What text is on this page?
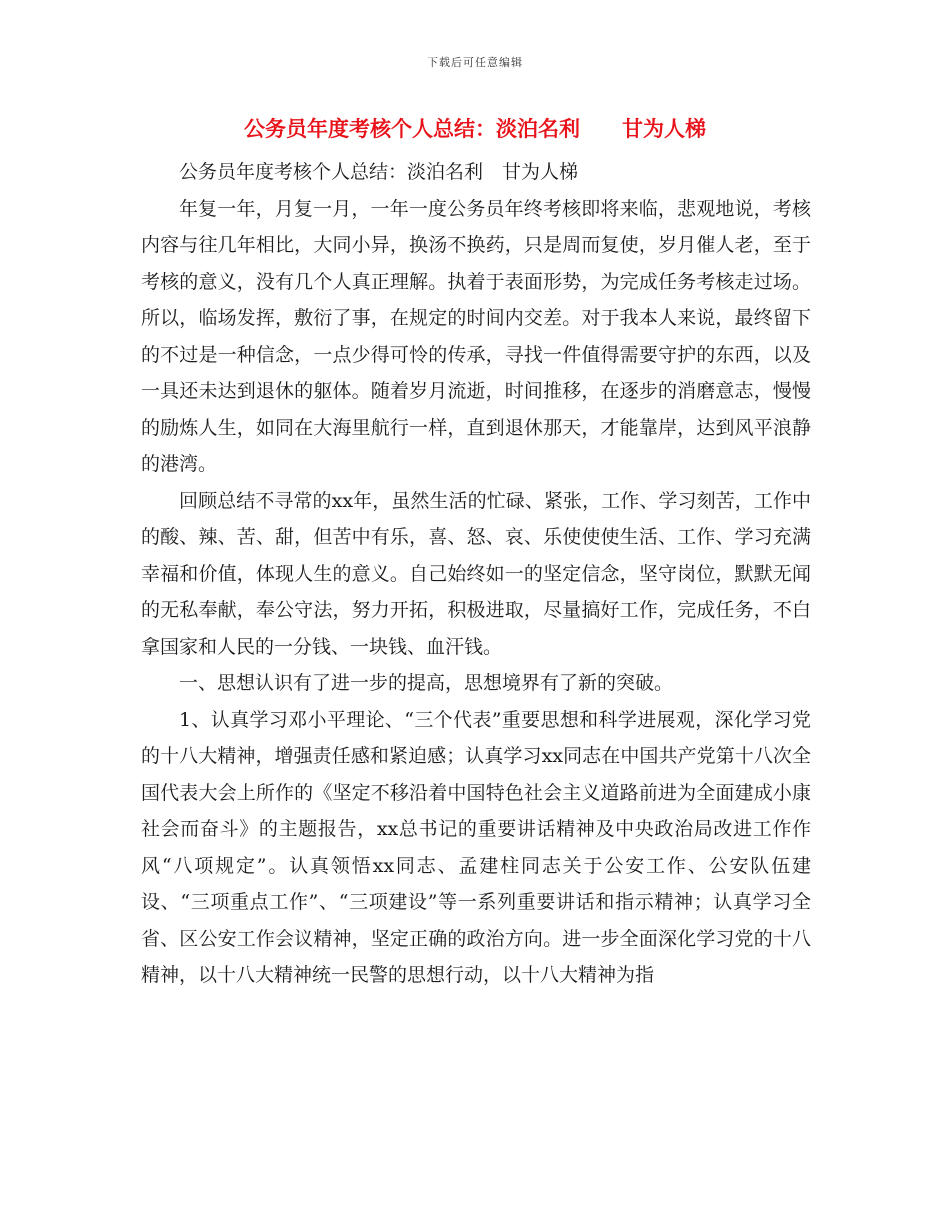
下载后可任意编辑
公务员年度考核个人总结：淡泊名利　　甘为人梯

公务员年度考核个人总结：淡泊名利　甘为人梯

年复一年，月复一月，一年一度公务员年终考核即将来临，悲观地说，考核内容与往几年相比，大同小异，换汤不换药，只是周而复使，岁月催人老，至于考核的意义，没有几个人真正理解。执着于表面形势，为完成任务考核走过场。所以，临场发挥，敷衍了事，在规定的时间内交差。对于我本人来说，最终留下的不过是一种信念，一点少得可怜的传承，寻找一件值得需要守护的东西，以及一具还未达到退休的躯体。随着岁月流逝，时间推移，在逐步的消磨意志，慢慢的励炼人生，如同在大海里航行一样，直到退休那天，才能靠岸，达到风平浪静的港湾。

回顾总结不寻常的xx年，虽然生活的忙碌、紧张，工作、学习刻苦，工作中的酸、辣、苦、甜，但苦中有乐，喜、怒、哀、乐使使使生活、工作、学习充满幸福和价值，体现人生的意义。自己始终如一的坚定信念，坚守岗位，默默无闻的无私奉献，奉公守法，努力开拓，积极进取，尽量搞好工作，完成任务，不白拿国家和人民的一分钱、一块钱、血汗钱。

一、思想认识有了进一步的提高，思想境界有了新的突破。

1、认真学习邓小平理论、“三个代表”重要思想和科学进展观，深化学习党的十八大精神，增强责任感和紧迫感；认真学习xx同志在中国共产党第十八次全国代表大会上所作的《坚定不移沿着中国特色社会主义道路前进为全面建成小康社会而奋斗》的主题报告，xx总书记的重要讲话精神及中央政治局改进工作作风“八项规定”。认真领悟xx同志、孟建柱同志关于公安工作、公安队伍建设、“三项重点工作”、“三项建设”等一系列重要讲话和指示精神；认真学习全省、区公安工作会议精神，坚定正确的政治方向。进一步全面深化学习党的十八精神，以十八大精神统一民警的思想行动，以十八大精神为指
